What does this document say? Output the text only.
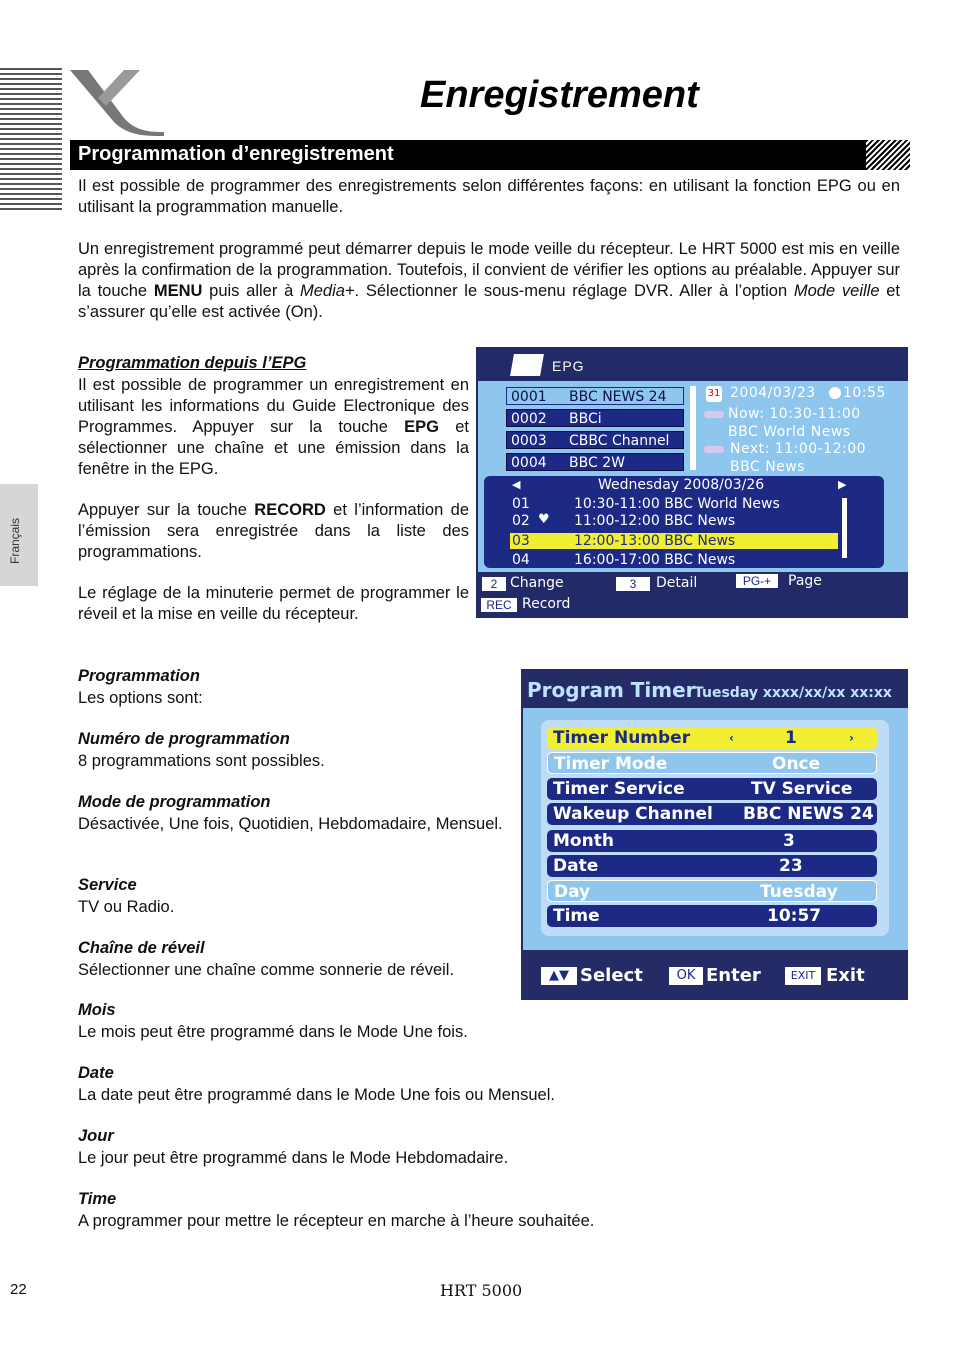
Français
Enregistrement
Programmation d’enregistrement

Il est possible de programmer des enregistrements selon différentes façons: en utilisant la fonction EPG ou en utilisant la programmation manuelle.

Un enregistrement programmé peut démarrer depuis le mode veille du récepteur. Le HRT 5000 est mis en veille après la confirmation de la programmation. Toutefois, il convient de vérifier les options au préalable. Appuyer sur la touche MENU puis aller à Media+. Sélectionner le sous-menu réglage DVR. Aller à l’option Mode veille et s’assurer qu’elle est activée (On).

Programmation depuis l’EPG

Il est possible de programmer un enregistrement en utilisant les informations du Guide Electronique des Programmes. Appuyer sur la touche EPG et sélectionner une chaîne et une émission dans la fenêtre in the EPG.

Appuyer sur la touche RECORD et l’information de l’émission sera enregistrée dans la liste des programmations.

Le réglage de la minuterie permet de programmer le réveil et la mise en veille du récepteur.

Programmation
Les options sont:
Numéro de programmation
8 programmations sont possibles.
Mode de programmation
Désactivée, Une fois, Quotidien, Hebdomadaire, Mensuel.
Service
TV ou Radio.
Chaîne de réveil
Sélectionner une chaîne comme sonnerie de réveil.
Mois
Le mois peut être programmé dans le Mode Une fois.
Date
La date peut être programmé dans le Mode Une fois ou Mensuel.
Jour
Le jour peut être programmé dans le Mode Hebdomadaire.
Time
A programmer pour mettre le récepteur en marche à l’heure souhaitée.
EPG
0001 BBC NEWS 24
0002 BBCi
0003 CBBC Channel
0004 BBC 2W
31 2004/03/23 10:55
Now: 10:30-11:00
BBC World News
Next: 11:00-12:00
BBC News
◀	Wednesday 2008/03/26	▶
01	10:30-11:00 BBC World News
02	11:00-12:00 BBC News
♥
03	12:00-13:00 BBC News
04	16:00-17:00 BBC News
2 Change	3	Detail	PG-+	Page
REC Record
Program Timer
Tuesday xxxx/xx/xx xx:xx
Timer Number	‹	1	›
Timer Mode	Once
Timer Service	TV Service
Wakeup Channel BBC NEWS 24
Month	3
Date	23
Day	Tuesday
Time	10:57
▲▼ Select	OK Enter	EXIT Exit
22	HRT 5000
